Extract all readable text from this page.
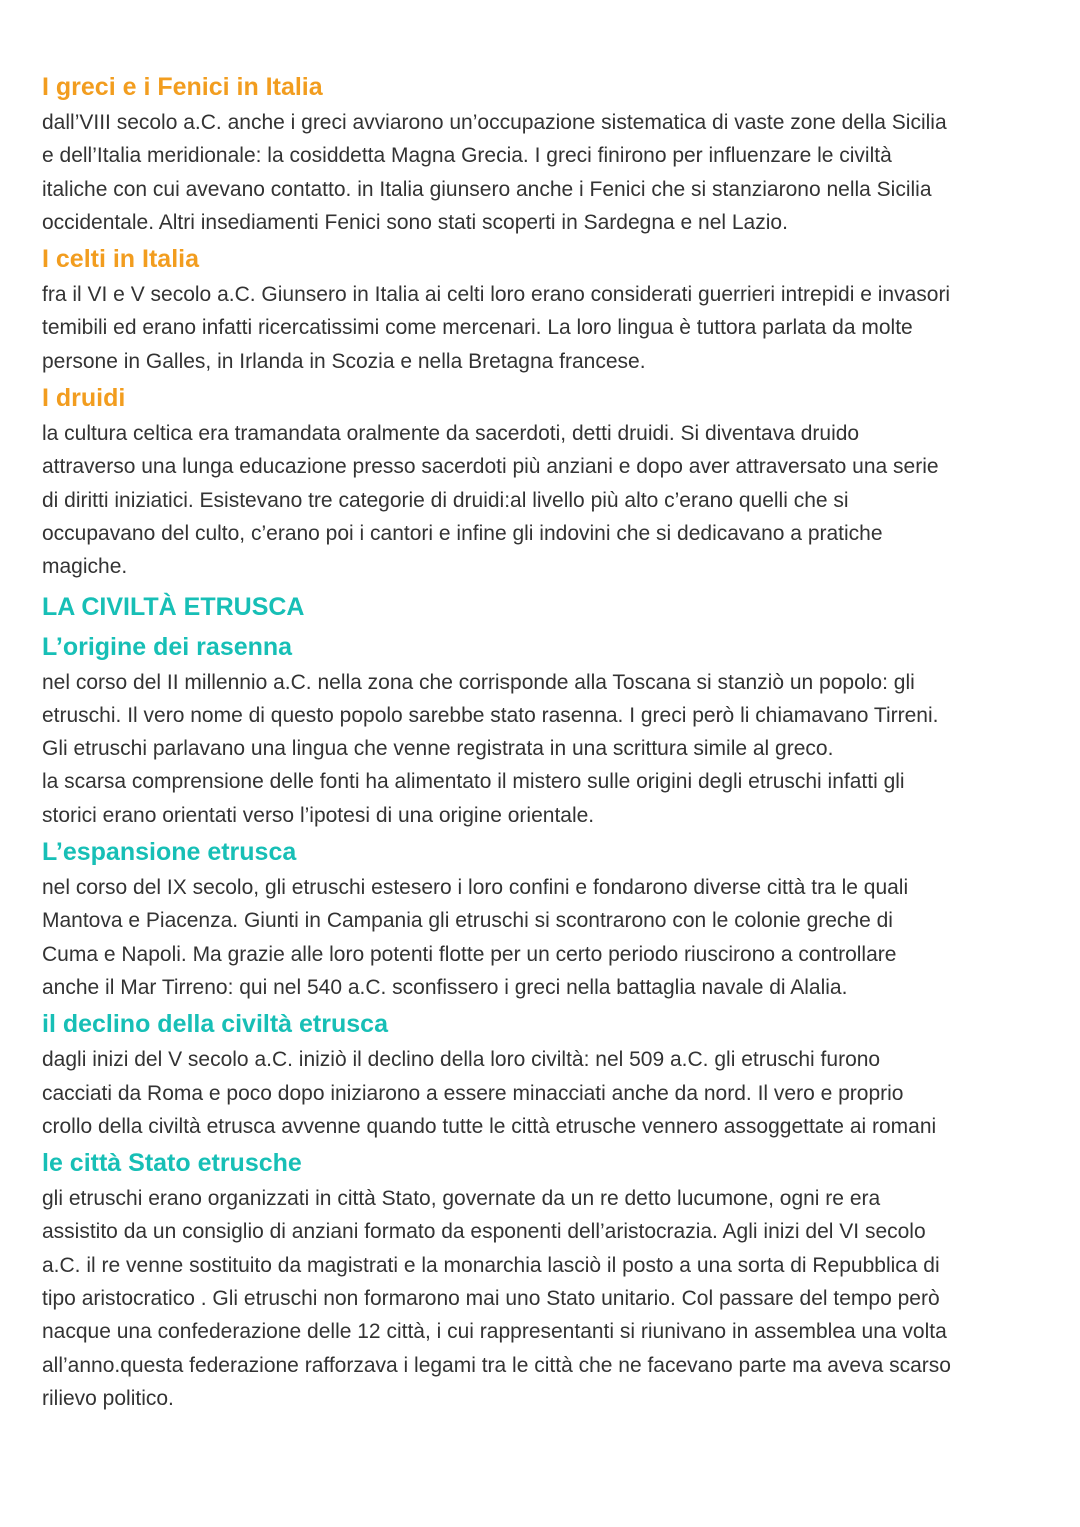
I greci e i Fenici in Italia
dall’VIII secolo a.C. anche i greci avviarono un’occupazione sistematica di vaste zone della Sicilia
e dell’Italia meridionale: la cosiddetta Magna Grecia. I greci finirono per influenzare le civiltà
italiche con cui avevano contatto. in Italia giunsero anche i Fenici che si stanziarono nella Sicilia
occidentale. Altri insediamenti Fenici sono stati scoperti in Sardegna e nel Lazio.
I celti in Italia
fra il VI e V secolo a.C. Giunsero in Italia ai celti loro erano considerati guerrieri intrepidi e invasori
temibili ed erano infatti ricercatissimi come mercenari. La loro lingua è tuttora parlata da molte
persone in Galles, in Irlanda in Scozia e nella Bretagna francese.
I druidi
la cultura celtica era tramandata oralmente da sacerdoti, detti druidi. Si diventava druido
attraverso una lunga educazione presso sacerdoti più anziani e dopo aver attraversato una serie
di diritti iniziatici. Esistevano tre categorie di druidi:al livello più alto c’erano quelli che si
occupavano del culto, c’erano poi i cantori e infine gli indovini che si dedicavano a pratiche
magiche.
LA CIVILTÀ ETRUSCA
L’origine dei rasenna
nel corso del II millennio a.C. nella zona che corrisponde alla Toscana si stanziò un popolo: gli
etruschi. Il vero nome di questo popolo sarebbe stato rasenna. I greci però li chiamavano Tirreni.
Gli etruschi parlavano una lingua che venne registrata in una scrittura simile al greco.
la scarsa comprensione delle fonti ha alimentato il mistero sulle origini degli etruschi infatti gli
storici erano orientati verso l’ipotesi di una origine orientale.
L’espansione etrusca
nel corso del IX secolo, gli etruschi estesero i loro confini e fondarono diverse città tra le quali
Mantova e Piacenza. Giunti in Campania gli etruschi si scontrarono con le colonie greche di
Cuma e Napoli. Ma grazie alle loro potenti flotte per un certo periodo riuscirono a controllare
anche il Mar Tirreno: qui nel 540 a.C. sconfissero i greci nella battaglia navale di Alalia.
il declino della civiltà etrusca
dagli inizi del V secolo a.C. iniziò il declino della loro civiltà: nel 509 a.C. gli etruschi furono
cacciati da Roma e poco dopo iniziarono a essere minacciati anche da nord. Il vero e proprio
crollo della civiltà etrusca avvenne quando tutte le città etrusche vennero assoggettate ai romani
le città Stato etrusche
gli etruschi erano organizzati in città Stato, governate da un re detto lucumone, ogni re era
assistito da un consiglio di anziani formato da esponenti dell’aristocrazia. Agli inizi del VI secolo
a.C. il re venne sostituito da magistrati e la monarchia lasciò il posto a una sorta di Repubblica di
tipo aristocratico . Gli etruschi non formarono mai uno Stato unitario. Col passare del tempo però
nacque una confederazione delle 12 città, i cui rappresentanti si riunivano in assemblea una volta
all’anno.questa federazione rafforzava i legami tra le città che ne facevano parte ma aveva scarso
rilievo politico.
